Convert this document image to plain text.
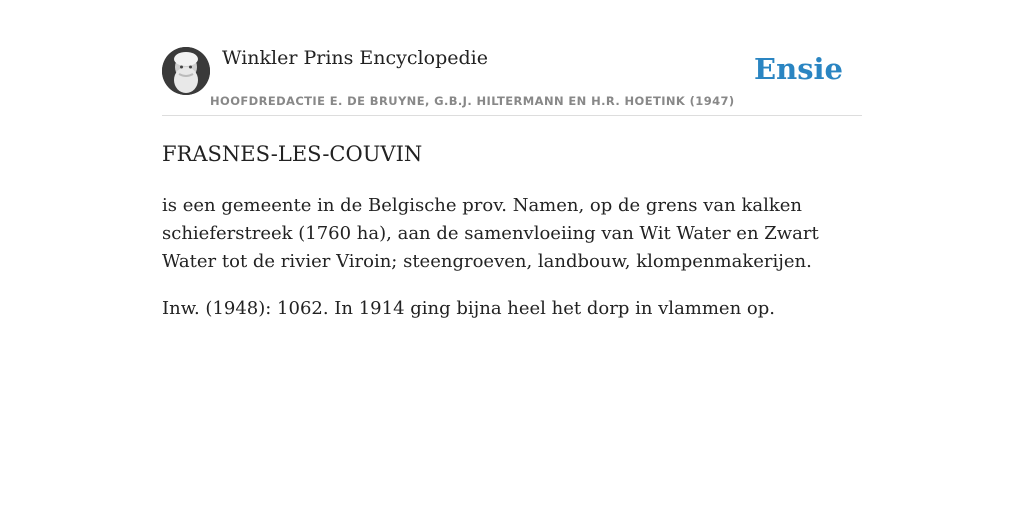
Winkler Prins Encyclopedie
HOOFDREDACTIE E. DE BRUYNE, G.B.J. HILTERMANN EN H.R. HOETINK (1947)
Ensie
FRASNES-LES-COUVIN

is een gemeente in de Belgische prov. Namen, op de grens van kalken schieferstreek (1760 ha), aan de samenvloeiing van Wit Water en Zwart Water tot de rivier Viroin; steengroeven, landbouw, klompenmakerijen.

Inw. (1948): 1062. In 1914 ging bijna heel het dorp in vlammen op.
